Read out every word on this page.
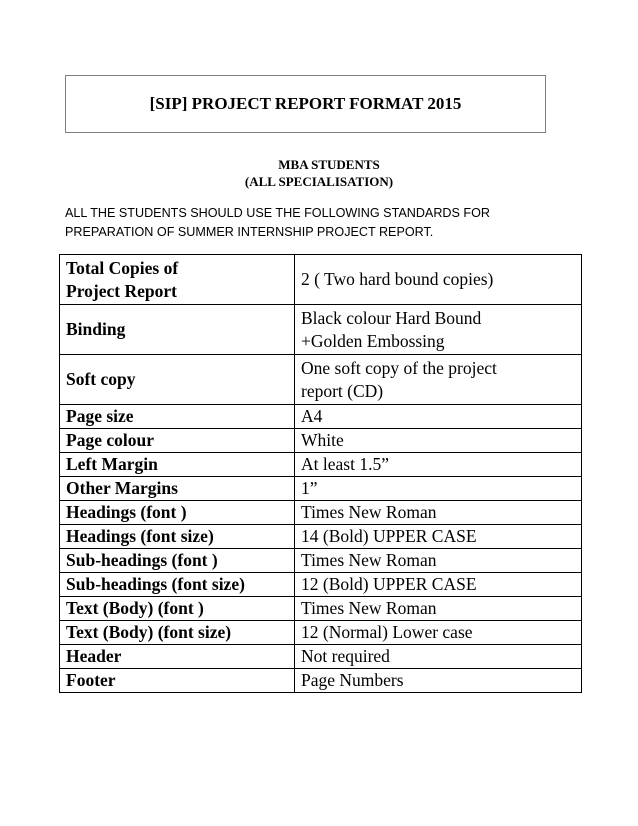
[SIP] PROJECT REPORT FORMAT 2015
MBA STUDENTS
(ALL SPECIALISATION)
ALL THE STUDENTS SHOULD USE THE FOLLOWING STANDARDS FOR
PREPARATION OF SUMMER INTERNSHIP PROJECT REPORT.
Total Copies of
Project Report	2 ( Two hard bound copies)
Binding	Black colour Hard Bound
+Golden Embossing

Soft copy	One soft copy of the project
report (CD)

Page size	A4
Page colour	White
Left Margin	At least 1.5”
Other Margins	1”
Headings (font )	Times New Roman
Headings (font size)	14 (Bold) UPPER CASE
Sub-headings (font )	Times New Roman
Sub-headings (font size)	12 (Bold) UPPER CASE
Text (Body) (font )	Times New Roman
Text (Body) (font size)	12 (Normal) Lower case
Header	Not required
Footer	Page Numbers
